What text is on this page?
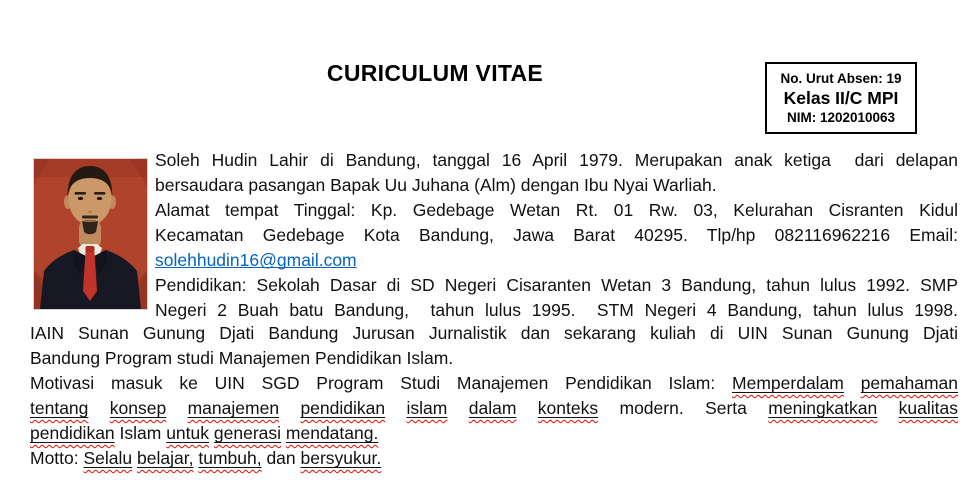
CURICULUM VITAE	No. Urut Absen: 19
Kelas II/C MPI
NIM: 1202010063
Soleh Hudin Lahir di Bandung, tanggal 16 April 1979. Merupakan anak ketiga  dari delapan
bersaudara pasangan Bapak Uu Juhana (Alm) dengan Ibu Nyai Warliah.
Alamat tempat Tinggal: Kp. Gedebage Wetan Rt. 01 Rw. 03, Kelurahan Cisranten Kidul
Kecamatan Gedebage Kota Bandung, Jawa Barat 40295. Tlp/hp 082116962216 Email:
solehhudin16@gmail.com
Pendidikan: Sekolah Dasar di SD Negeri Cisaranten Wetan 3 Bandung, tahun lulus 1992. SMP
Negeri 2 Buah batu Bandung,  tahun lulus 1995.  STM Negeri 4 Bandung, tahun lulus 1998.
IAIN Sunan Gunung Djati Bandung Jurusan Jurnalistik dan sekarang kuliah di UIN Sunan Gunung Djati
Bandung Program studi Manajemen Pendidikan Islam.
Motivasi masuk ke UIN SGD Program Studi Manajemen Pendidikan Islam: Memperdalam pemahaman
tentang konsep manajemen pendidikan islam dalam konteks modern. Serta meningkatkan kualitas
pendidikan Islam untuk generasi mendatang.
Motto: Selalu belajar, tumbuh, dan bersyukur.
